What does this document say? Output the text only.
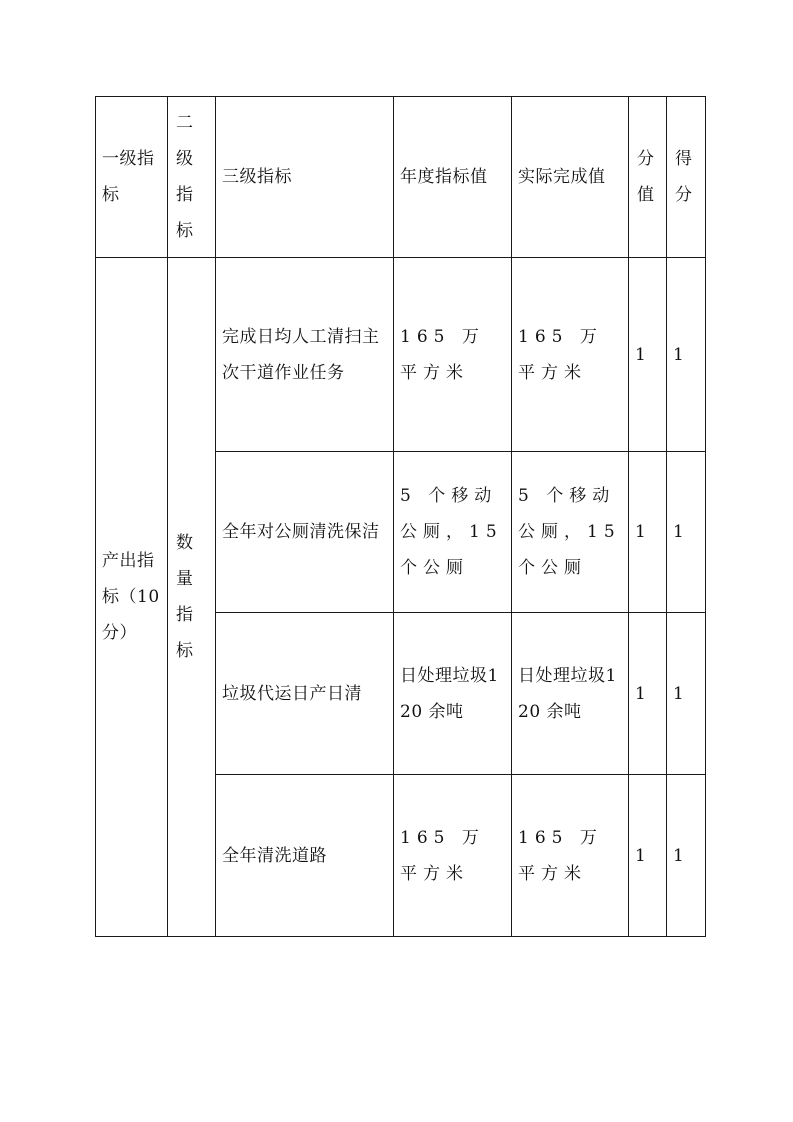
一级指标	二级指标	三级指标	年度指标值	实际完成值	分值	得分

产出指标（10分）	数量指标	完成日均人工清扫主次干道作业任务	165 万平方米	165 万平方米	1	1

		全年对公厕清洗保洁	5 个移动公厕，15 个公厕	5 个移动公厕，15 个公厕	1	1

		垃圾代运日产日清	日处理垃圾120 余吨	日处理垃圾120 余吨	1	1

		全年清洗道路	165 万平方米	165 万平方米	1	1
